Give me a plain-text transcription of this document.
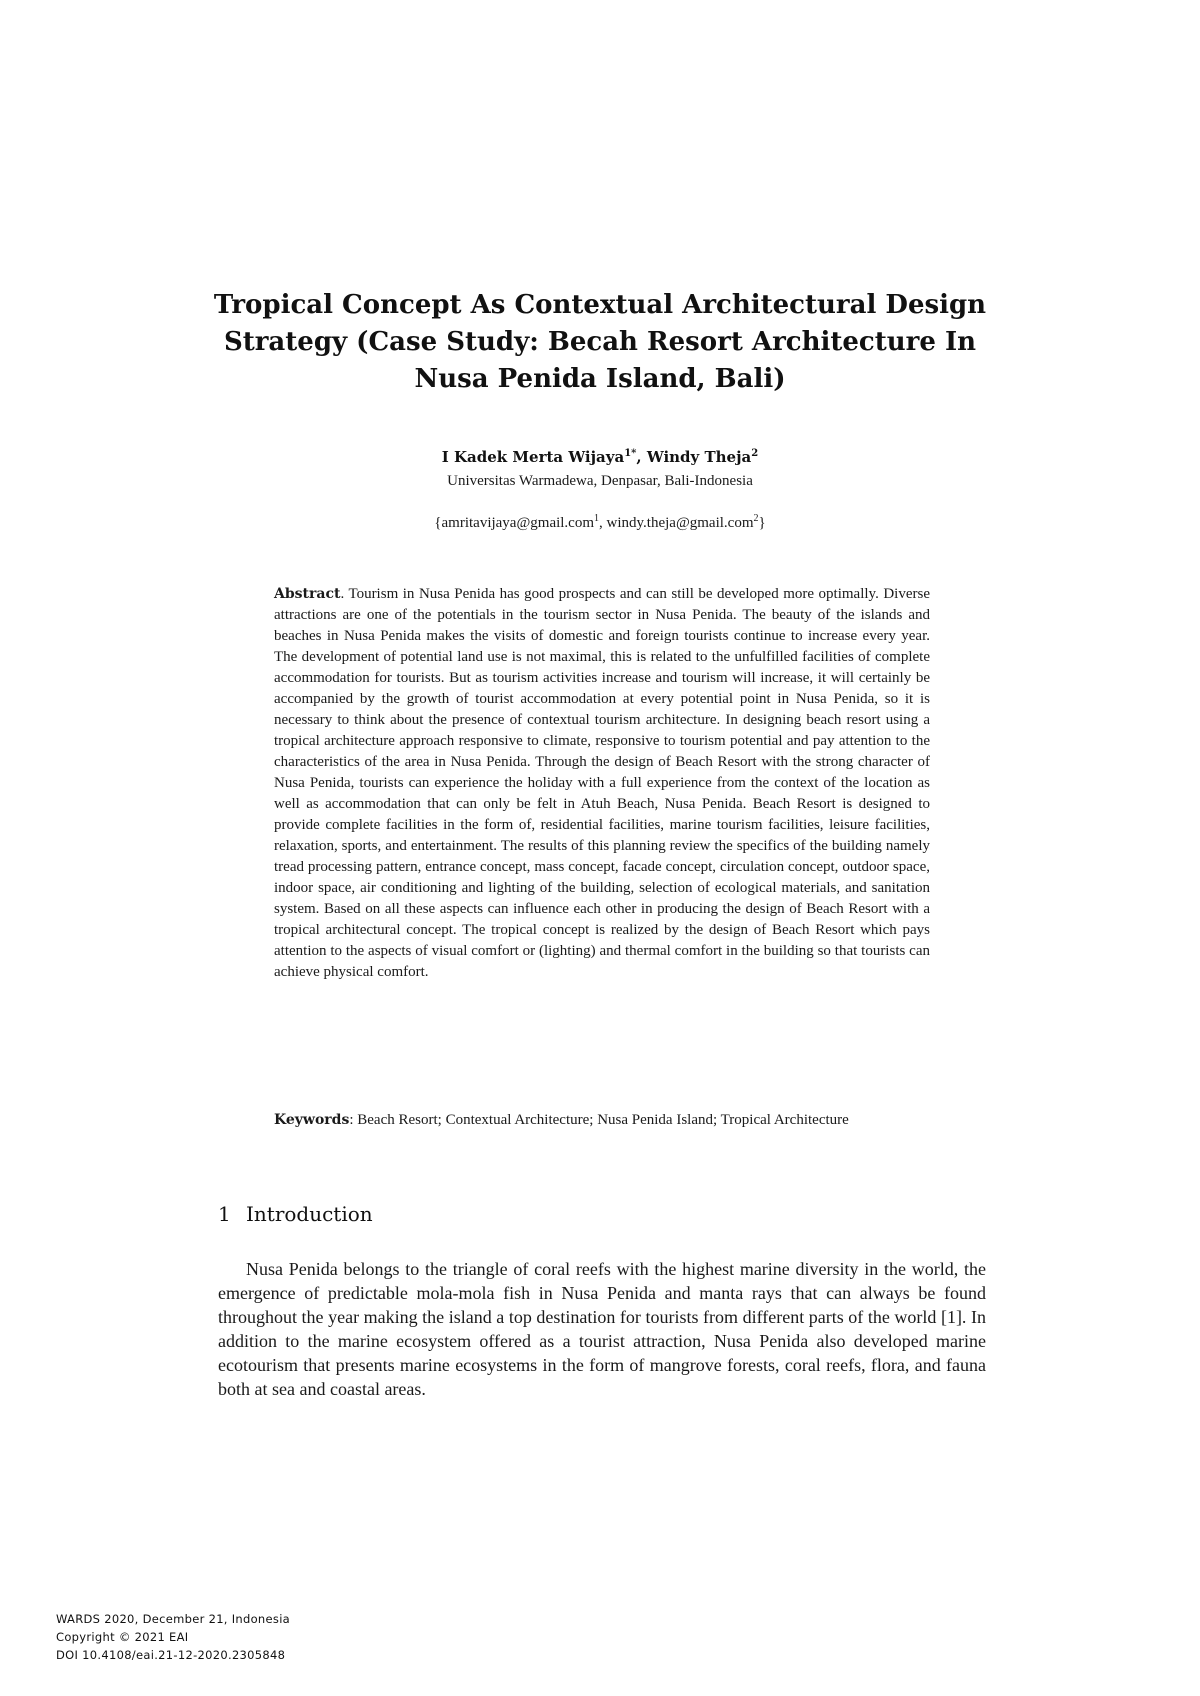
Tropical Concept As Contextual Architectural Design Strategy (Case Study: Becah Resort Architecture In Nusa Penida Island, Bali)
I Kadek Merta Wijaya$^{1*}$, Windy Theja$^2$
Universitas Warmadewa, Denpasar, Bali-Indonesia
{amritavijaya@gmail.com$^1$, windy.theja@gmail.com$^2$}

Abstract. Tourism in Nusa Penida has good prospects and can still be developed more optimally. Diverse attractions are one of the potentials in the tourism sector in Nusa Penida. The beauty of the islands and beaches in Nusa Penida makes the visits of domestic and foreign tourists continue to increase every year. The development of potential land use is not maximal, this is related to the unfulfilled facilities of complete accommodation for tourists. But as tourism activities increase and tourism will increase, it will certainly be accompanied by the growth of tourist accommodation at every potential point in Nusa Penida, so it is necessary to think about the presence of contextual tourism architecture. In designing beach resort using a tropical architecture approach responsive to climate, responsive to tourism potential and pay attention to the characteristics of the area in Nusa Penida. Through the design of Beach Resort with the strong character of Nusa Penida, tourists can experience the holiday with a full experience from the context of the location as well as accommodation that can only be felt in Atuh Beach, Nusa Penida. Beach Resort is designed to provide complete facilities in the form of, residential facilities, marine tourism facilities, leisure facilities, relaxation, sports, and entertainment. The results of this planning review the specifics of the building namely tread processing pattern, entrance concept, mass concept, facade concept, circulation concept, outdoor space, indoor space, air conditioning and lighting of the building, selection of ecological materials, and sanitation system. Based on all these aspects can influence each other in producing the design of Beach Resort with a tropical architectural concept. The tropical concept is realized by the design of Beach Resort which pays attention to the aspects of visual comfort or (lighting) and thermal comfort in the building so that tourists can achieve physical comfort.

Keywords: Beach Resort; Contextual Architecture; Nusa Penida Island; Tropical Architecture

1 Introduction

Nusa Penida belongs to the triangle of coral reefs with the highest marine diversity in the world, the emergence of predictable mola-mola fish in Nusa Penida and manta rays that can always be found throughout the year making the island a top destination for tourists from different parts of the world [1]. In addition to the marine ecosystem offered as a tourist attraction, Nusa Penida also developed marine ecotourism that presents marine ecosystems in the form of mangrove forests, coral reefs, flora, and fauna both at sea and coastal areas.

WARDS 2020, December 21, Indonesia
Copyright © 2021 EAI
DOI 10.4108/eai.21-12-2020.2305848
